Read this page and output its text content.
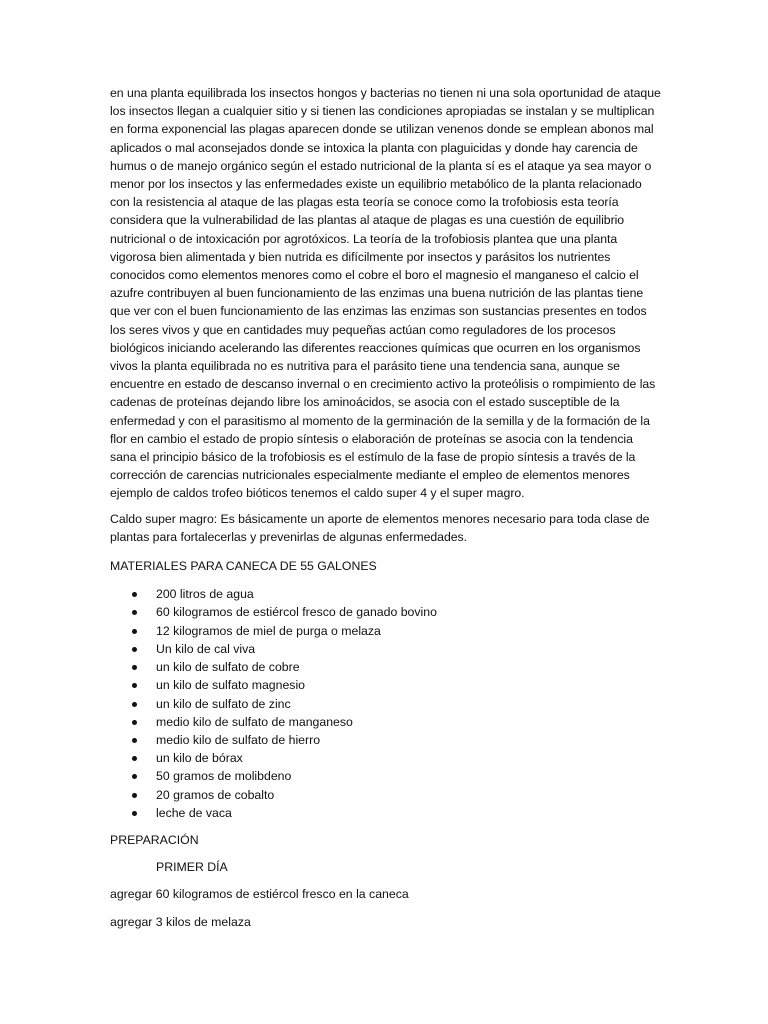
en una planta equilibrada los insectos hongos y bacterias no tienen ni una sola oportunidad de ataque los insectos llegan a cualquier sitio y si tienen las condiciones apropiadas se instalan y se multiplican en forma exponencial las plagas aparecen donde se utilizan venenos donde se emplean abonos mal aplicados o mal aconsejados donde se intoxica la planta con plaguicidas y donde hay carencia de humus o de manejo orgánico según el estado nutricional de la planta sí es el ataque ya sea mayor o menor por los insectos y las enfermedades existe un equilibrio metabólico de la planta relacionado con la resistencia al ataque de las plagas esta teoría se conoce como la trofobiosis esta teoría considera que la vulnerabilidad de las plantas al ataque de plagas es una cuestión de equilibrio nutricional o de intoxicación por agrotóxicos. La teoría de la trofobiosis plantea que una planta vigorosa bien alimentada y bien nutrida es difícilmente por insectos y parásitos los nutrientes conocidos como elementos menores como el cobre el boro el magnesio el manganeso el calcio el azufre contribuyen al buen funcionamiento de las enzimas una buena nutrición de las plantas tiene que ver con el buen funcionamiento de las enzimas las enzimas son sustancias presentes en todos los seres vivos y que en cantidades muy pequeñas actúan como reguladores de los procesos biológicos iniciando acelerando las diferentes reacciones químicas que ocurren en los organismos vivos la planta equilibrada no es nutritiva para el parásito tiene una tendencia sana, aunque se encuentre en estado de descanso invernal o en crecimiento activo la proteólisis o rompimiento de las cadenas de proteínas dejando libre los aminoácidos, se asocia con el estado susceptible de la enfermedad y con el parasitismo al momento de la germinación de la semilla y de la formación de la flor en cambio el estado de propio síntesis o elaboración de proteínas se asocia con la tendencia sana el principio básico de la trofobiosis es el estímulo de la fase de propio síntesis a través de la corrección de carencias nutricionales especialmente mediante el empleo de elementos menores ejemplo de caldos trofeo bióticos tenemos el caldo super 4 y el super magro.

Caldo super magro: Es básicamente un aporte de elementos menores necesario para toda clase de plantas para fortalecerlas y prevenirlas de algunas enfermedades.

MATERIALES PARA CANECA DE 55 GALONES

200 litros de agua
60 kilogramos de estiércol fresco de ganado bovino
12 kilogramos de miel de purga o melaza
Un kilo de cal viva
un kilo de sulfato de cobre
un kilo de sulfato magnesio
un kilo de sulfato de zinc
medio kilo de sulfato de manganeso
medio kilo de sulfato de hierro
un kilo de bórax
50 gramos de molibdeno
20 gramos de cobalto
leche de vaca

PREPARACIÓN

PRIMER DÍA

agregar 60 kilogramos de estiércol fresco en la caneca

agregar 3 kilos de melaza
